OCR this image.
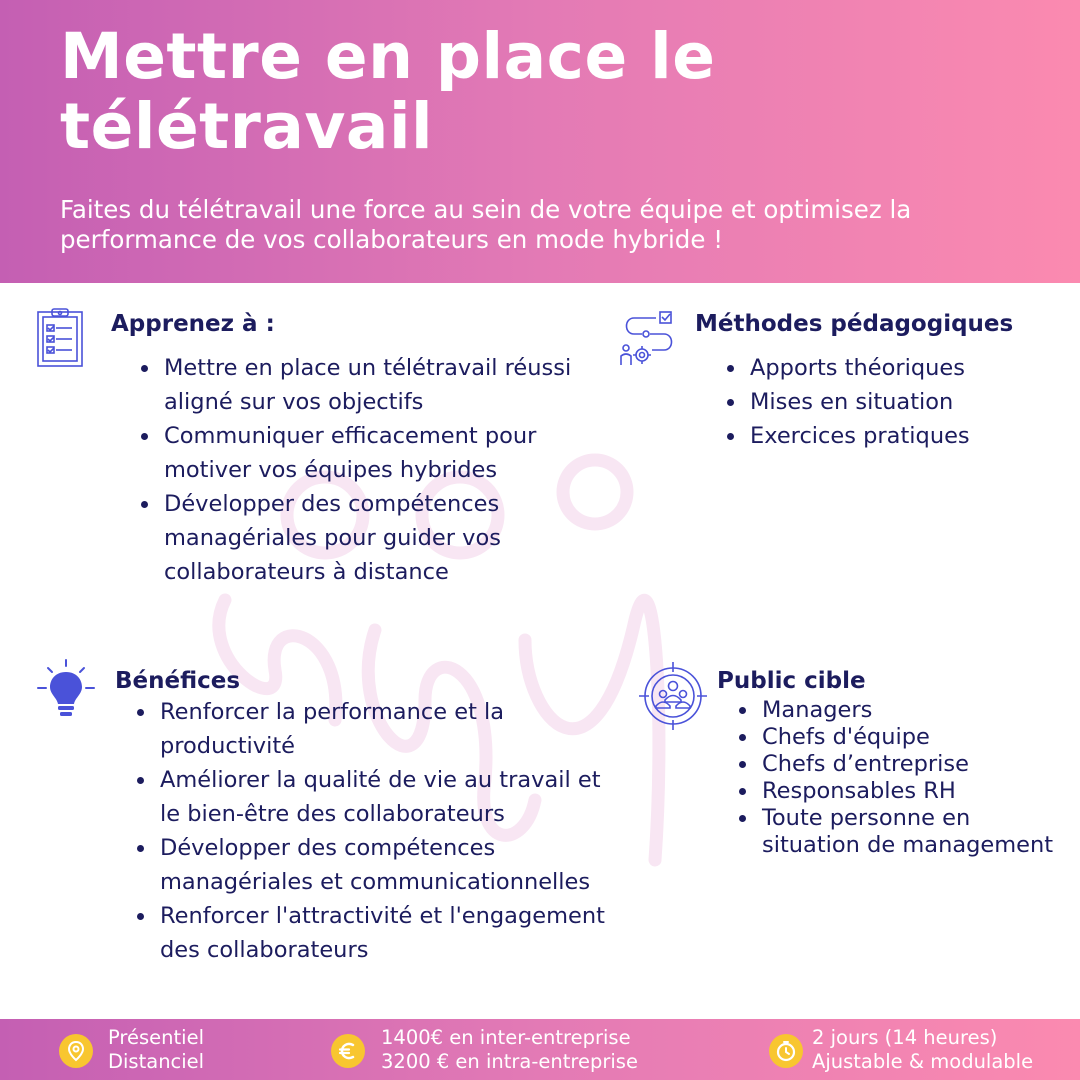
Mettre en place le
télétravail
Faites du télétravail une force au sein de votre équipe et optimisez la
performance de vos collaborateurs en mode hybride !
Apprenez à :
Mettre en place un télétravail réussi aligné sur vos objectifs
Communiquer efficacement pour motiver vos équipes hybrides
Développer des compétences managériales pour guider vos collaborateurs à distance
Méthodes pédagogiques
Apports théoriques
Mises en situation
Exercices pratiques
Bénéfices
Renforcer la performance et la productivité
Améliorer la qualité de vie au travail et le bien-être des collaborateurs
Développer des compétences managériales et communicationnelles
Renforcer l'attractivité et l'engagement des collaborateurs
Public cible
Managers
Chefs d'équipe
Chefs d’entreprise
Responsables RH
Toute personne en situation de management
Présentiel
Distanciel
1400€ en inter-entreprise
3200 € en intra-entreprise
2 jours (14 heures)
Ajustable & modulable
